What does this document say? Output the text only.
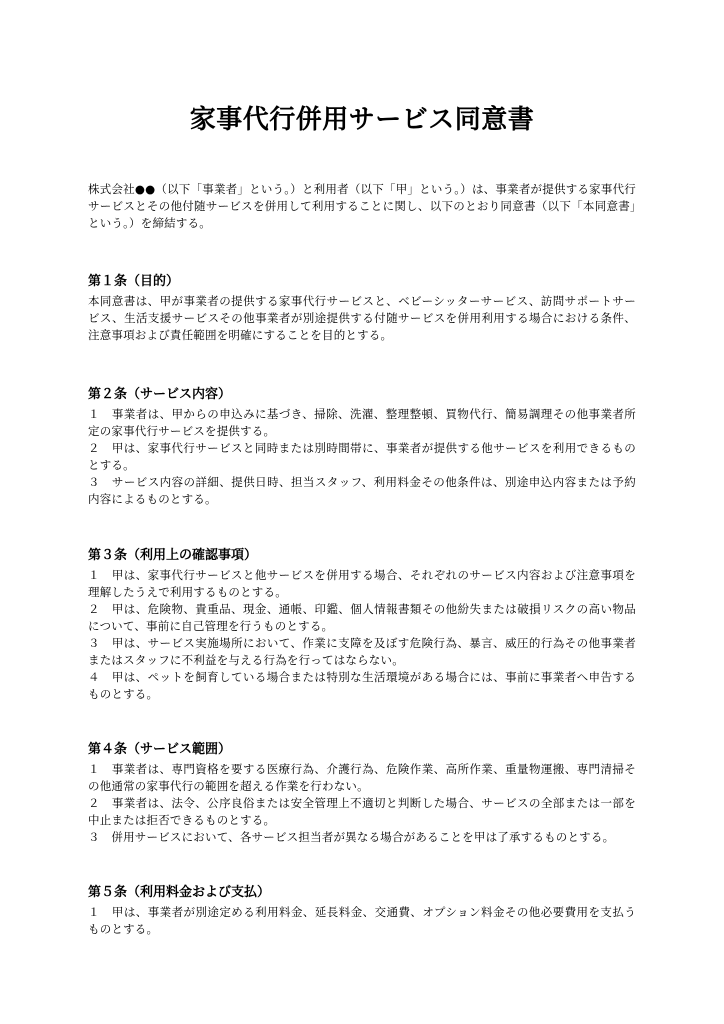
家事代行併用サービス同意書

株式会社●●（以下「事業者」という。）と利用者（以下「甲」という。）は、事業者が提供する家事代行サービスとその他付随サービスを併用して利用することに関し、以下のとおり同意書（以下「本同意書」という。）を締結する。

第１条（目的）

本同意書は、甲が事業者の提供する家事代行サービスと、ベビーシッターサービス、訪問サポートサービス、生活支援サービスその他事業者が別途提供する付随サービスを併用利用する場合における条件、注意事項および責任範囲を明確にすることを目的とする。

第２条（サービス内容）

１　事業者は、甲からの申込みに基づき、掃除、洗濯、整理整頓、買物代行、簡易調理その他事業者所定の家事代行サービスを提供する。

２　甲は、家事代行サービスと同時または別時間帯に、事業者が提供する他サービスを利用できるものとする。

３　サービス内容の詳細、提供日時、担当スタッフ、利用料金その他条件は、別途申込内容または予約内容によるものとする。

第３条（利用上の確認事項）

１　甲は、家事代行サービスと他サービスを併用する場合、それぞれのサービス内容および注意事項を理解したうえで利用するものとする。

２　甲は、危険物、貴重品、現金、通帳、印鑑、個人情報書類その他紛失または破損リスクの高い物品について、事前に自己管理を行うものとする。

３　甲は、サービス実施場所において、作業に支障を及ぼす危険行為、暴言、威圧的行為その他事業者またはスタッフに不利益を与える行為を行ってはならない。

４　甲は、ペットを飼育している場合または特別な生活環境がある場合には、事前に事業者へ申告するものとする。

第４条（サービス範囲）

１　事業者は、専門資格を要する医療行為、介護行為、危険作業、高所作業、重量物運搬、専門清掃その他通常の家事代行の範囲を超える作業を行わない。

２　事業者は、法令、公序良俗または安全管理上不適切と判断した場合、サービスの全部または一部を中止または拒否できるものとする。

３　併用サービスにおいて、各サービス担当者が異なる場合があることを甲は了承するものとする。

第５条（利用料金および支払）

１　甲は、事業者が別途定める利用料金、延長料金、交通費、オプション料金その他必要費用を支払うものとする。
